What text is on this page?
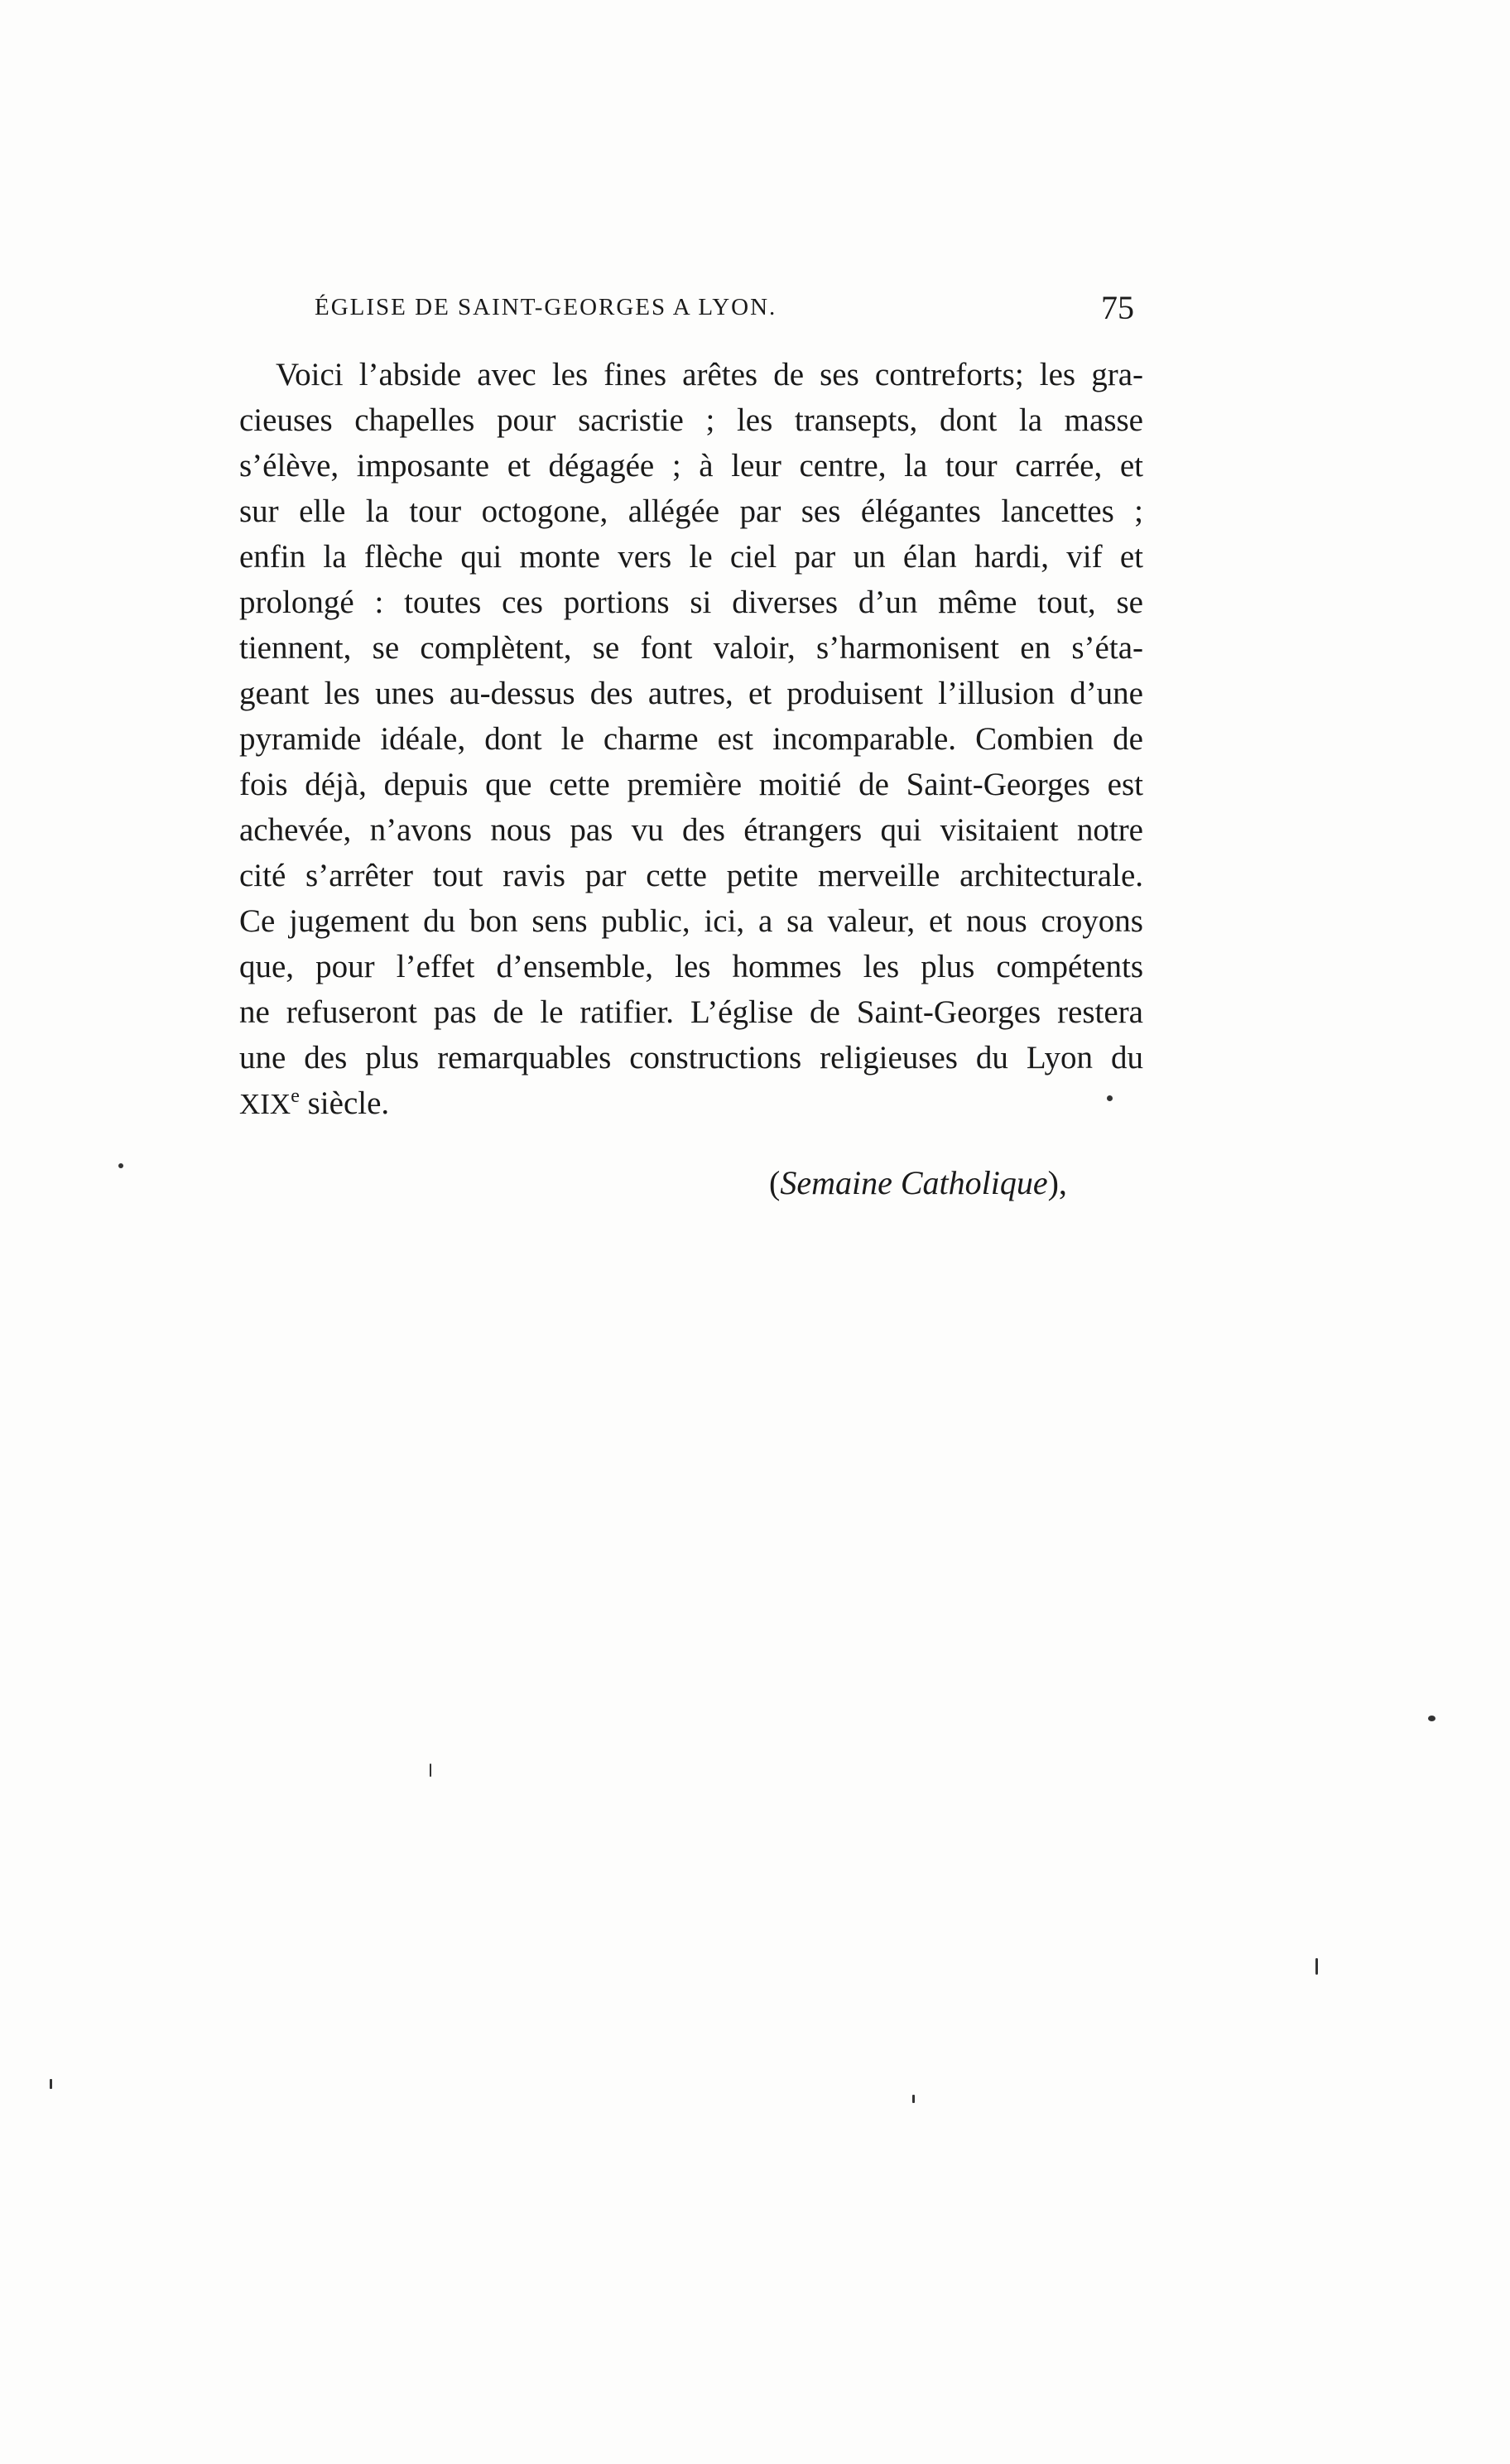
ÉGLISE DE SAINT-GEORGES A LYON.	75
Voici l’abside avec les fines arêtes de ses contreforts; les gra-
cieuses chapelles pour sacristie ; les transepts, dont la masse
s’élève, imposante et dégagée ; à leur centre, la tour carrée, et
sur elle la tour octogone, allégée par ses élégantes lancettes ;
enfin la flèche qui monte vers le ciel par un élan hardi, vif et
prolongé : toutes ces portions si diverses d’un même tout, se
tiennent, se complètent, se font valoir, s’harmonisent en s’éta-
geant les unes au-dessus des autres, et produisent l’illusion d’une
pyramide idéale, dont le charme est incomparable. Combien de
fois déjà, depuis que cette première moitié de Saint-Georges est
achevée, n’avons nous pas vu des étrangers qui visitaient notre
cité s’arrêter tout ravis par cette petite merveille architecturale.
Ce jugement du bon sens public, ici, a sa valeur, et nous croyons
que, pour l’effet d’ensemble, les hommes les plus compétents
ne refuseront pas de le ratifier. L’église de Saint-Georges restera
une des plus remarquables constructions religieuses du Lyon du
XIXe siècle.
(Semaine Catholique),
